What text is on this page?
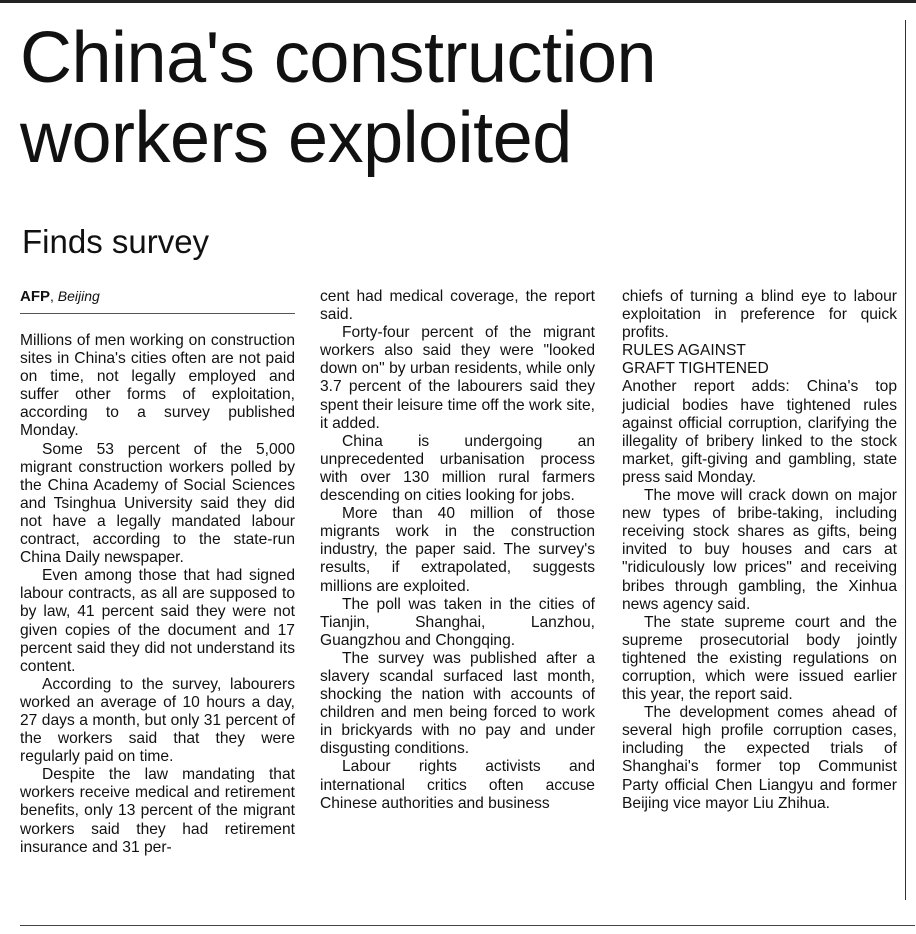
China's construction workers exploited
Finds survey
AFP, Beijing

Millions of men working on construction sites in China's cities often are not paid on time, not legally employed and suffer other forms of exploitation, according to a survey published Monday.

Some 53 percent of the 5,000 migrant construction workers polled by the China Academy of Social Sciences and Tsinghua University said they did not have a legally mandated labour contract, according to the state-run China Daily newspaper.

Even among those that had signed labour contracts, as all are supposed to by law, 41 percent said they were not given copies of the document and 17 percent said they did not understand its content.

According to the survey, labourers worked an average of 10 hours a day, 27 days a month, but only 31 percent of the workers said that they were regularly paid on time.

Despite the law mandating that workers receive medical and retirement benefits, only 13 percent of the migrant workers said they had retirement insurance and 31 per-

cent had medical coverage, the report said.

Forty-four percent of the migrant workers also said they were "looked down on" by urban residents, while only 3.7 percent of the labourers said they spent their leisure time off the work site, it added.

China is undergoing an unprecedented urbanisation process with over 130 million rural farmers descending on cities looking for jobs.

More than 40 million of those migrants work in the construction industry, the paper said. The survey's results, if extrapolated, suggests millions are exploited.

The poll was taken in the cities of Tianjin, Shanghai, Lanzhou, Guangzhou and Chongqing.

The survey was published after a slavery scandal surfaced last month, shocking the nation with accounts of children and men being forced to work in brickyards with no pay and under disgusting conditions.

Labour rights activists and international critics often accuse Chinese authorities and business

chiefs of turning a blind eye to labour exploitation in preference for quick profits.

RULES AGAINST

GRAFT TIGHTENED

Another report adds: China's top judicial bodies have tightened rules against official corruption, clarifying the illegality of bribery linked to the stock market, gift-giving and gambling, state press said Monday.

The move will crack down on major new types of bribe-taking, including receiving stock shares as gifts, being invited to buy houses and cars at "ridiculously low prices" and receiving bribes through gambling, the Xinhua news agency said.

The state supreme court and the supreme prosecutorial body jointly tightened the existing regulations on corruption, which were issued earlier this year, the report said.

The development comes ahead of several high profile corruption cases, including the expected trials of Shanghai's former top Communist Party official Chen Liangyu and former Beijing vice mayor Liu Zhihua.
